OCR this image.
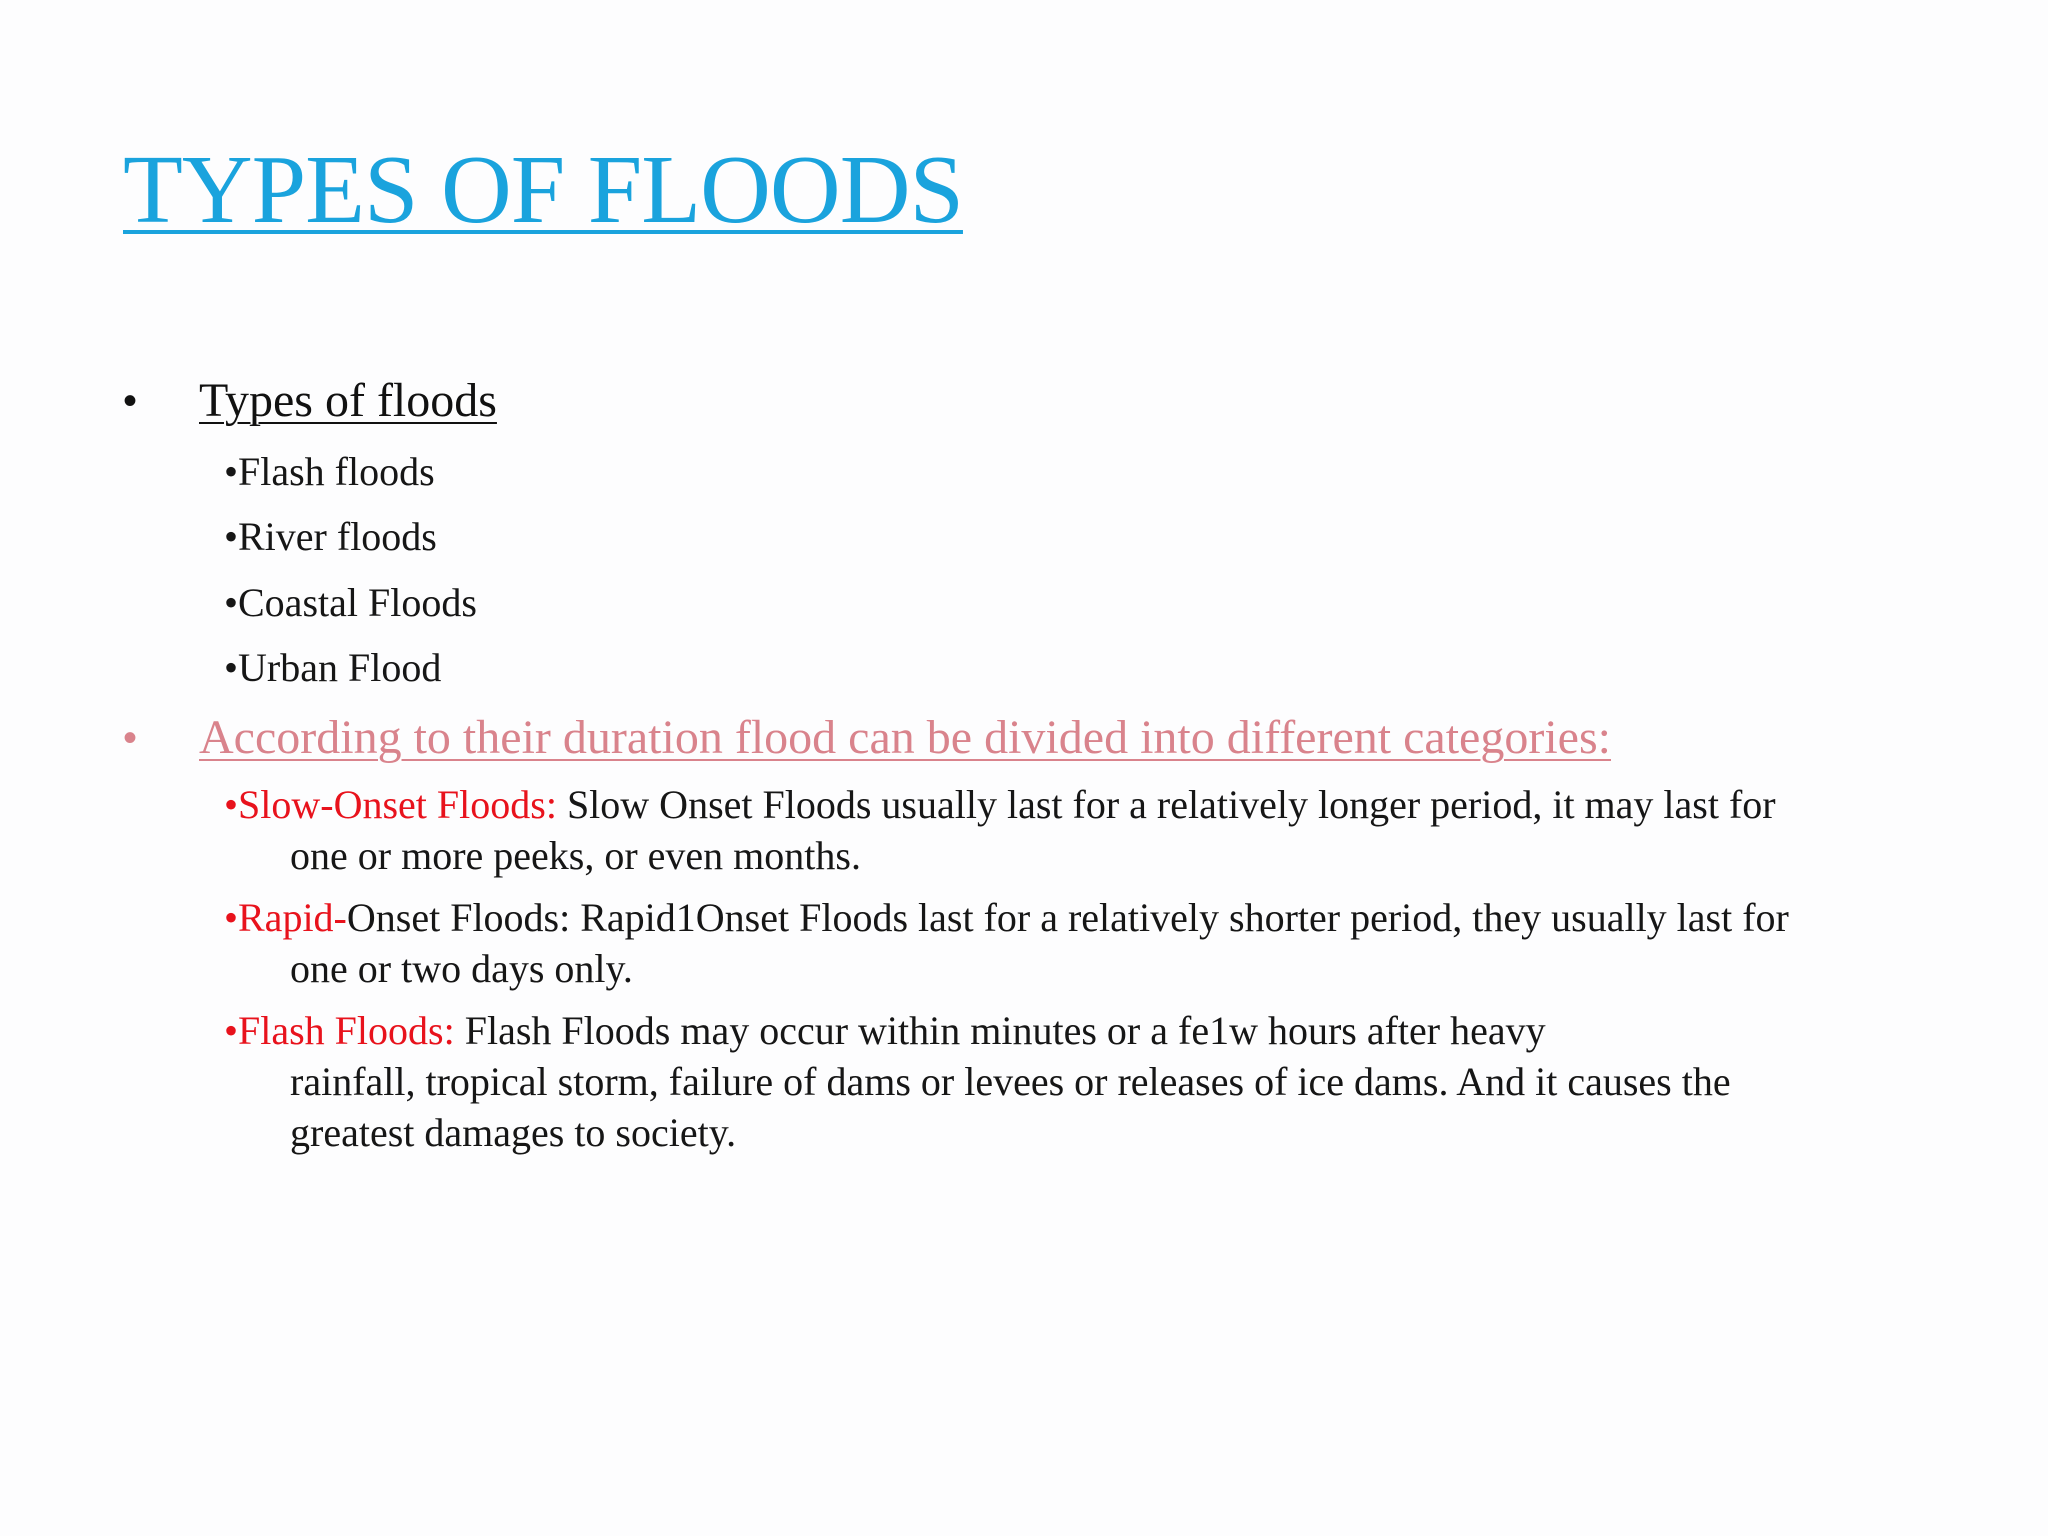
TYPES OF FLOODS
• Types of floods
•Flash floods
•River floods
•Coastal Floods
•Urban Flood
• According to their duration flood can be divided into different categories:
•Slow-Onset Floods: Slow Onset Floods usually last for a relatively longer period, it may last for
one or more peeks, or even months.
•Rapid-Onset Floods: Rapid1Onset Floods last for a relatively shorter period, they usually last for
one or two days only.
•Flash Floods: Flash Floods may occur within minutes or a fe1w hours after heavy
rainfall, tropical storm, failure of dams or levees or releases of ice dams. And it causes the
greatest damages to society.
